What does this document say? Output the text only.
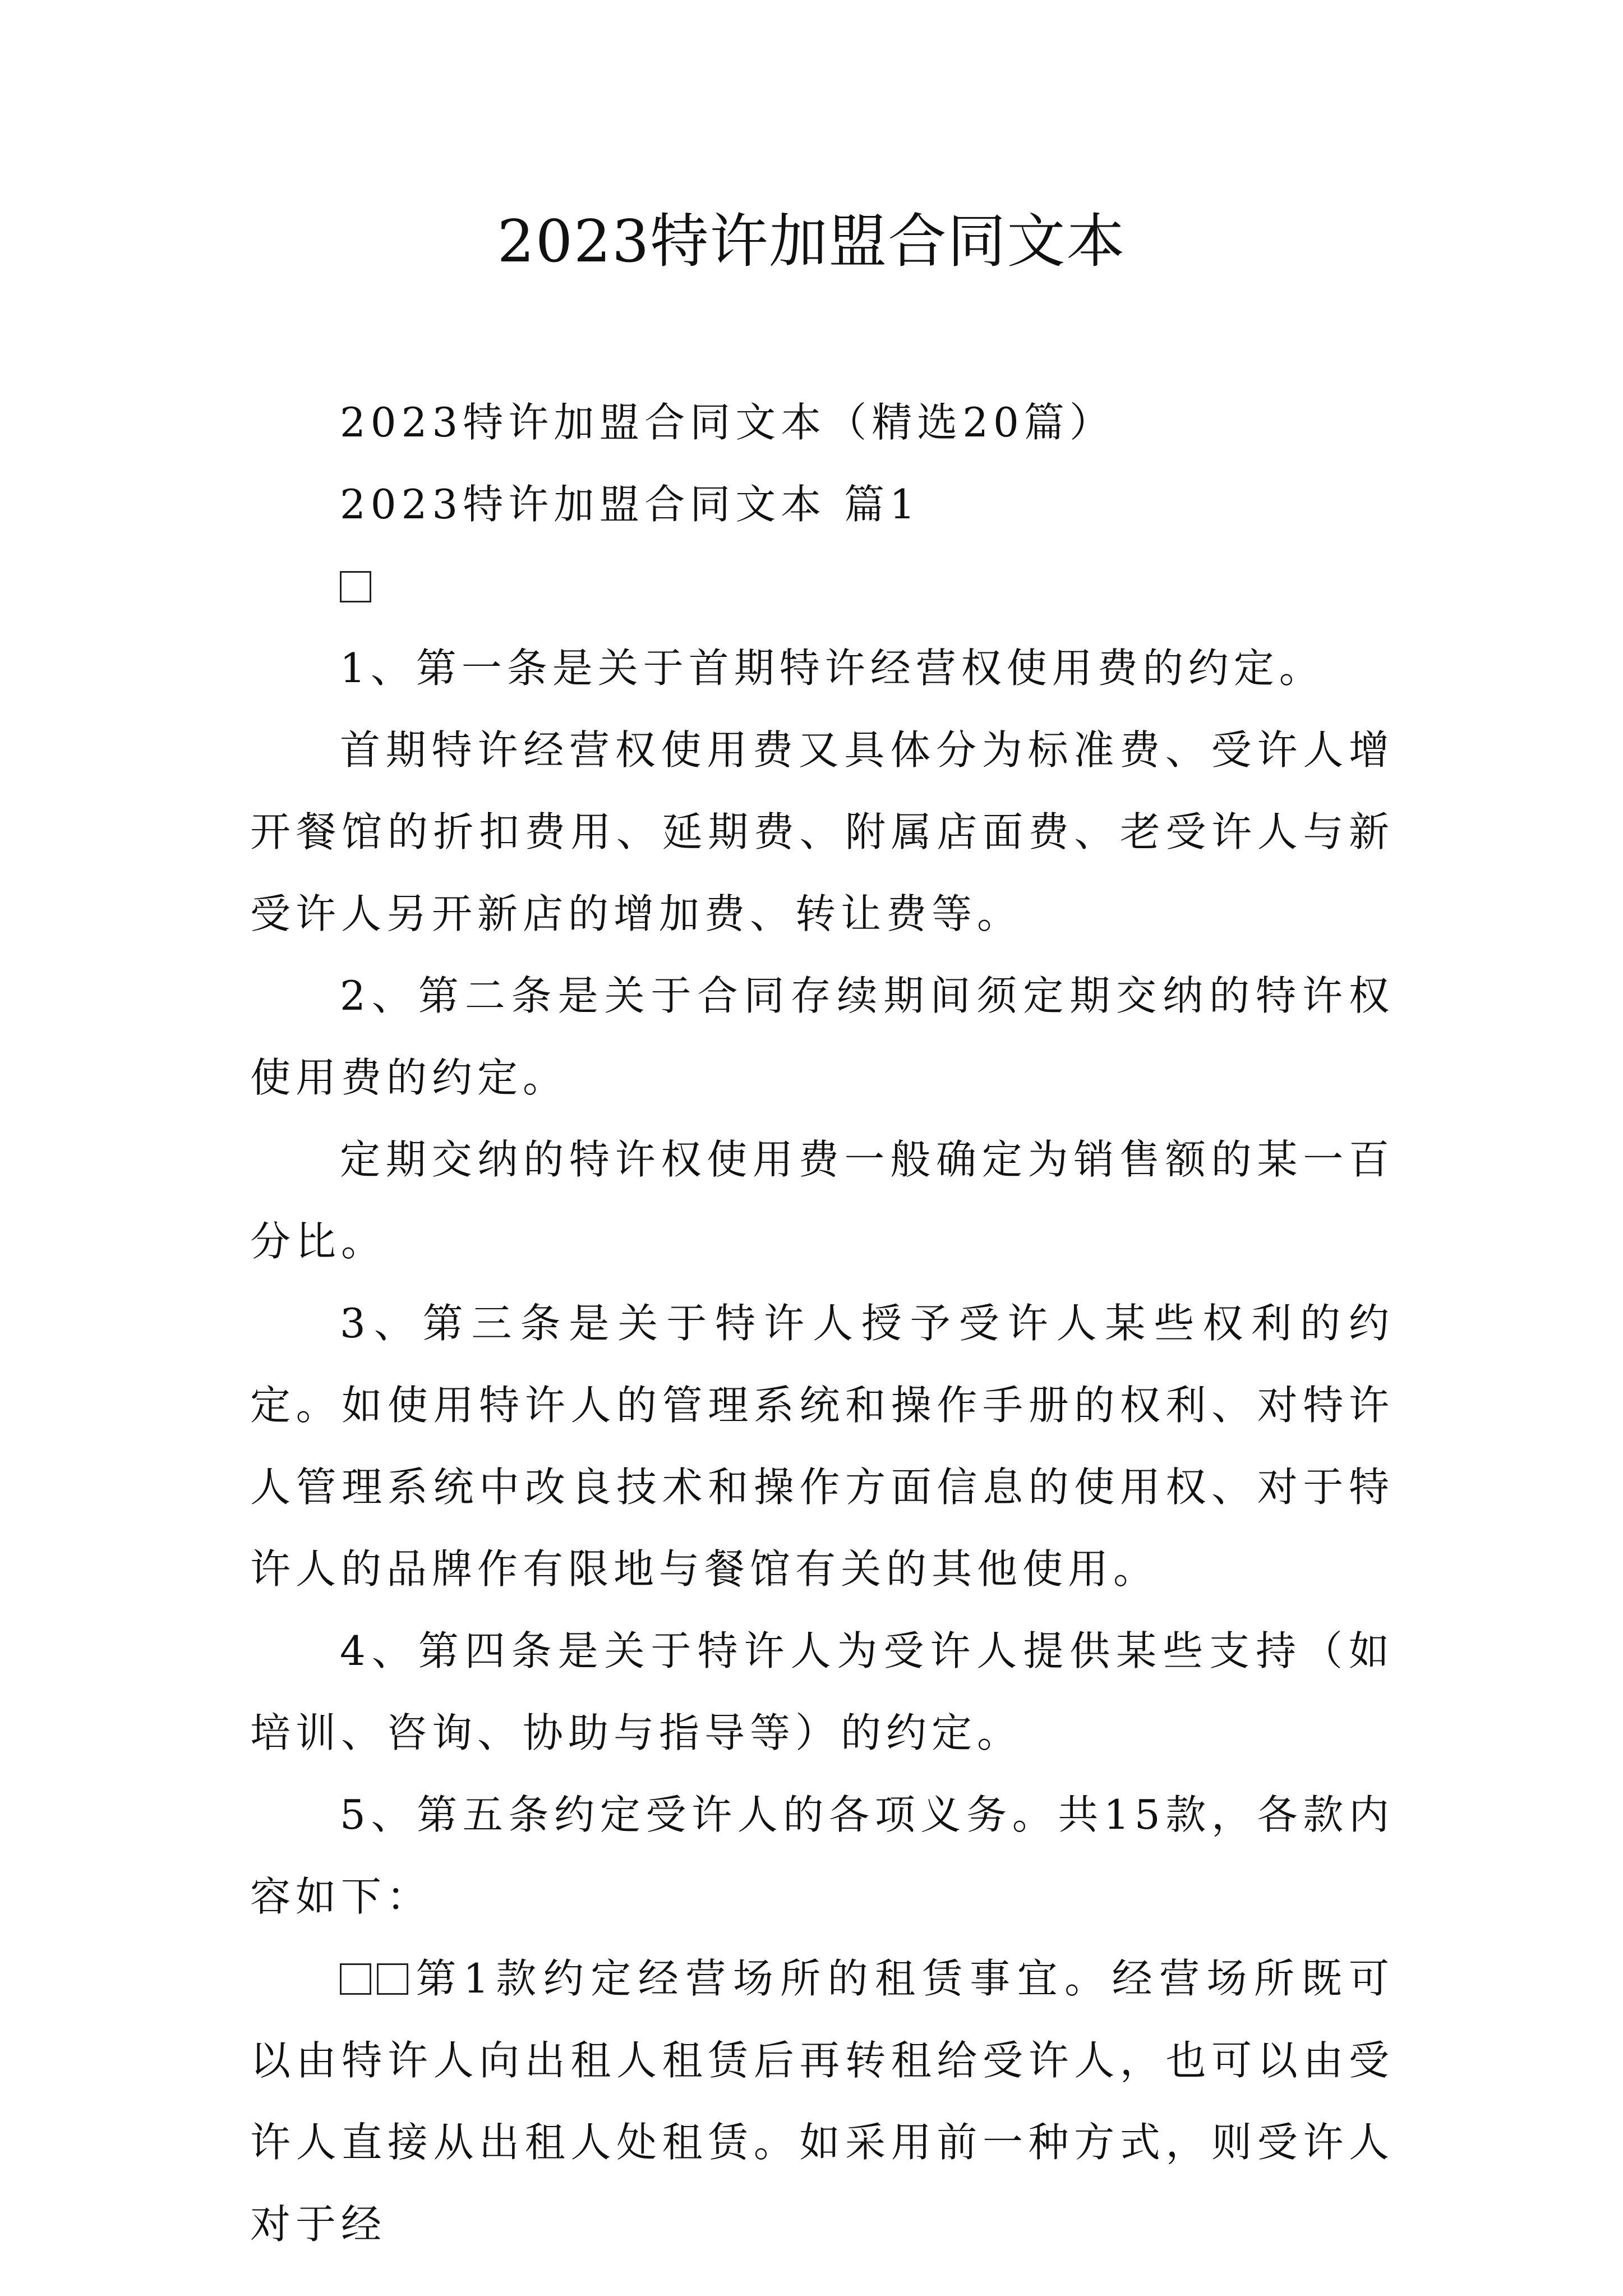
2023特许加盟合同文本

2023特许加盟合同文本（精选20篇）

2023特许加盟合同文本 篇1

1、第一条是关于首期特许经营权使用费的约定。

首期特许经营权使用费又具体分为标准费、受许人增开餐馆的折扣费用、延期费、附属店面费、老受许人与新受许人另开新店的增加费、转让费等。

2、第二条是关于合同存续期间须定期交纳的特许权使用费的约定。

定期交纳的特许权使用费一般确定为销售额的某一百分比。

3、第三条是关于特许人授予受许人某些权利的约定。如使用特许人的管理系统和操作手册的权利、对特许人管理系统中改良技术和操作方面信息的使用权、对于特许人的品牌作有限地与餐馆有关的其他使用。

4、第四条是关于特许人为受许人提供某些支持（如培训、咨询、协助与指导等）的约定。

5、第五条约定受许人的各项义务。共15款，各款内容如下：

第1款约定经营场所的租赁事宜。经营场所既可以由特许人向出租人租赁后再转租给受许人，也可以由受许人直接从出租人处租赁。如采用前一种方式，则受许人对于经
